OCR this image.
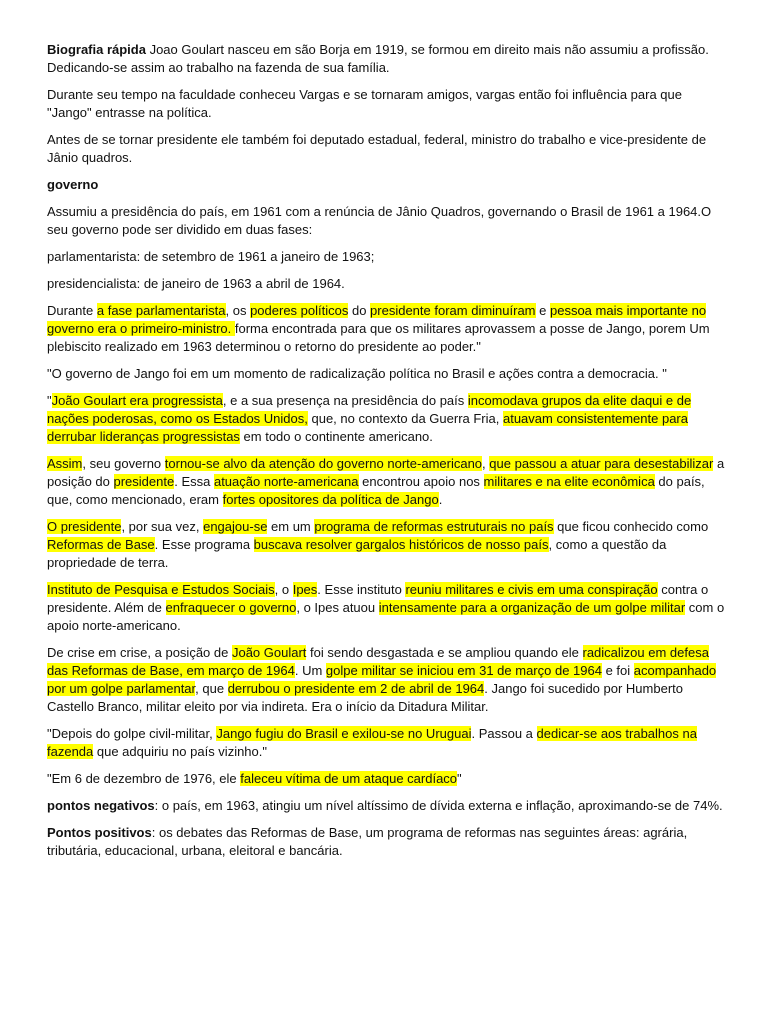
Biografia rápida Joao Goulart nasceu em são Borja em 1919, se formou em direito mais não assumiu a profissão. Dedicando-se assim ao trabalho na fazenda de sua família.

Durante seu tempo na faculdade conheceu Vargas e se tornaram amigos, vargas então foi influência para que "Jango" entrasse na política.

Antes de se tornar presidente ele também foi deputado estadual, federal, ministro do trabalho e vice-presidente de Jânio quadros.

governo

Assumiu a presidência do país, em 1961 com a renúncia de Jânio Quadros, governando o Brasil de 1961 a 1964.O seu governo pode ser dividido em duas fases:

parlamentarista: de setembro de 1961 a janeiro de 1963;

presidencialista: de janeiro de 1963 a abril de 1964.

Durante a fase parlamentarista, os poderes políticos do presidente foram diminuíram e pessoa mais importante no governo era o primeiro-ministro. forma encontrada para que os militares aprovassem a posse de Jango, porem Um plebiscito realizado em 1963 determinou o retorno do presidente ao poder."

"O governo de Jango foi em um momento de radicalização política no Brasil e ações contra a democracia. "

"João Goulart era progressista, e a sua presença na presidência do país incomodava grupos da elite daqui e de nações poderosas, como os Estados Unidos, que, no contexto da Guerra Fria, atuavam consistentemente para derrubar lideranças progressistas em todo o continente americano.

Assim, seu governo tornou-se alvo da atenção do governo norte-americano, que passou a atuar para desestabilizar a posição do presidente. Essa atuação norte-americana encontrou apoio nos militares e na elite econômica do país, que, como mencionado, eram fortes opositores da política de Jango.

O presidente, por sua vez, engajou-se em um programa de reformas estruturais no país que ficou conhecido como Reformas de Base. Esse programa buscava resolver gargalos históricos de nosso país, como a questão da propriedade de terra.

Instituto de Pesquisa e Estudos Sociais, o Ipes. Esse instituto reuniu militares e civis em uma conspiração contra o presidente. Além de enfraquecer o governo, o Ipes atuou intensamente para a organização de um golpe militar com o apoio norte-americano.

De crise em crise, a posição de João Goulart foi sendo desgastada e se ampliou quando ele radicalizou em defesa das Reformas de Base, em março de 1964. Um golpe militar se iniciou em 31 de março de 1964 e foi acompanhado por um golpe parlamentar, que derrubou o presidente em 2 de abril de 1964. Jango foi sucedido por Humberto Castello Branco, militar eleito por via indireta. Era o início da Ditadura Militar.

"Depois do golpe civil-militar, Jango fugiu do Brasil e exilou-se no Uruguai. Passou a dedicar-se aos trabalhos na fazenda que adquiriu no país vizinho."

"Em 6 de dezembro de 1976, ele faleceu vítima de um ataque cardíaco"

pontos negativos: o país, em 1963, atingiu um nível altíssimo de dívida externa e inflação, aproximando-se de 74%.

Pontos positivos: os debates das Reformas de Base, um programa de reformas nas seguintes áreas: agrária, tributária, educacional, urbana, eleitoral e bancária.
